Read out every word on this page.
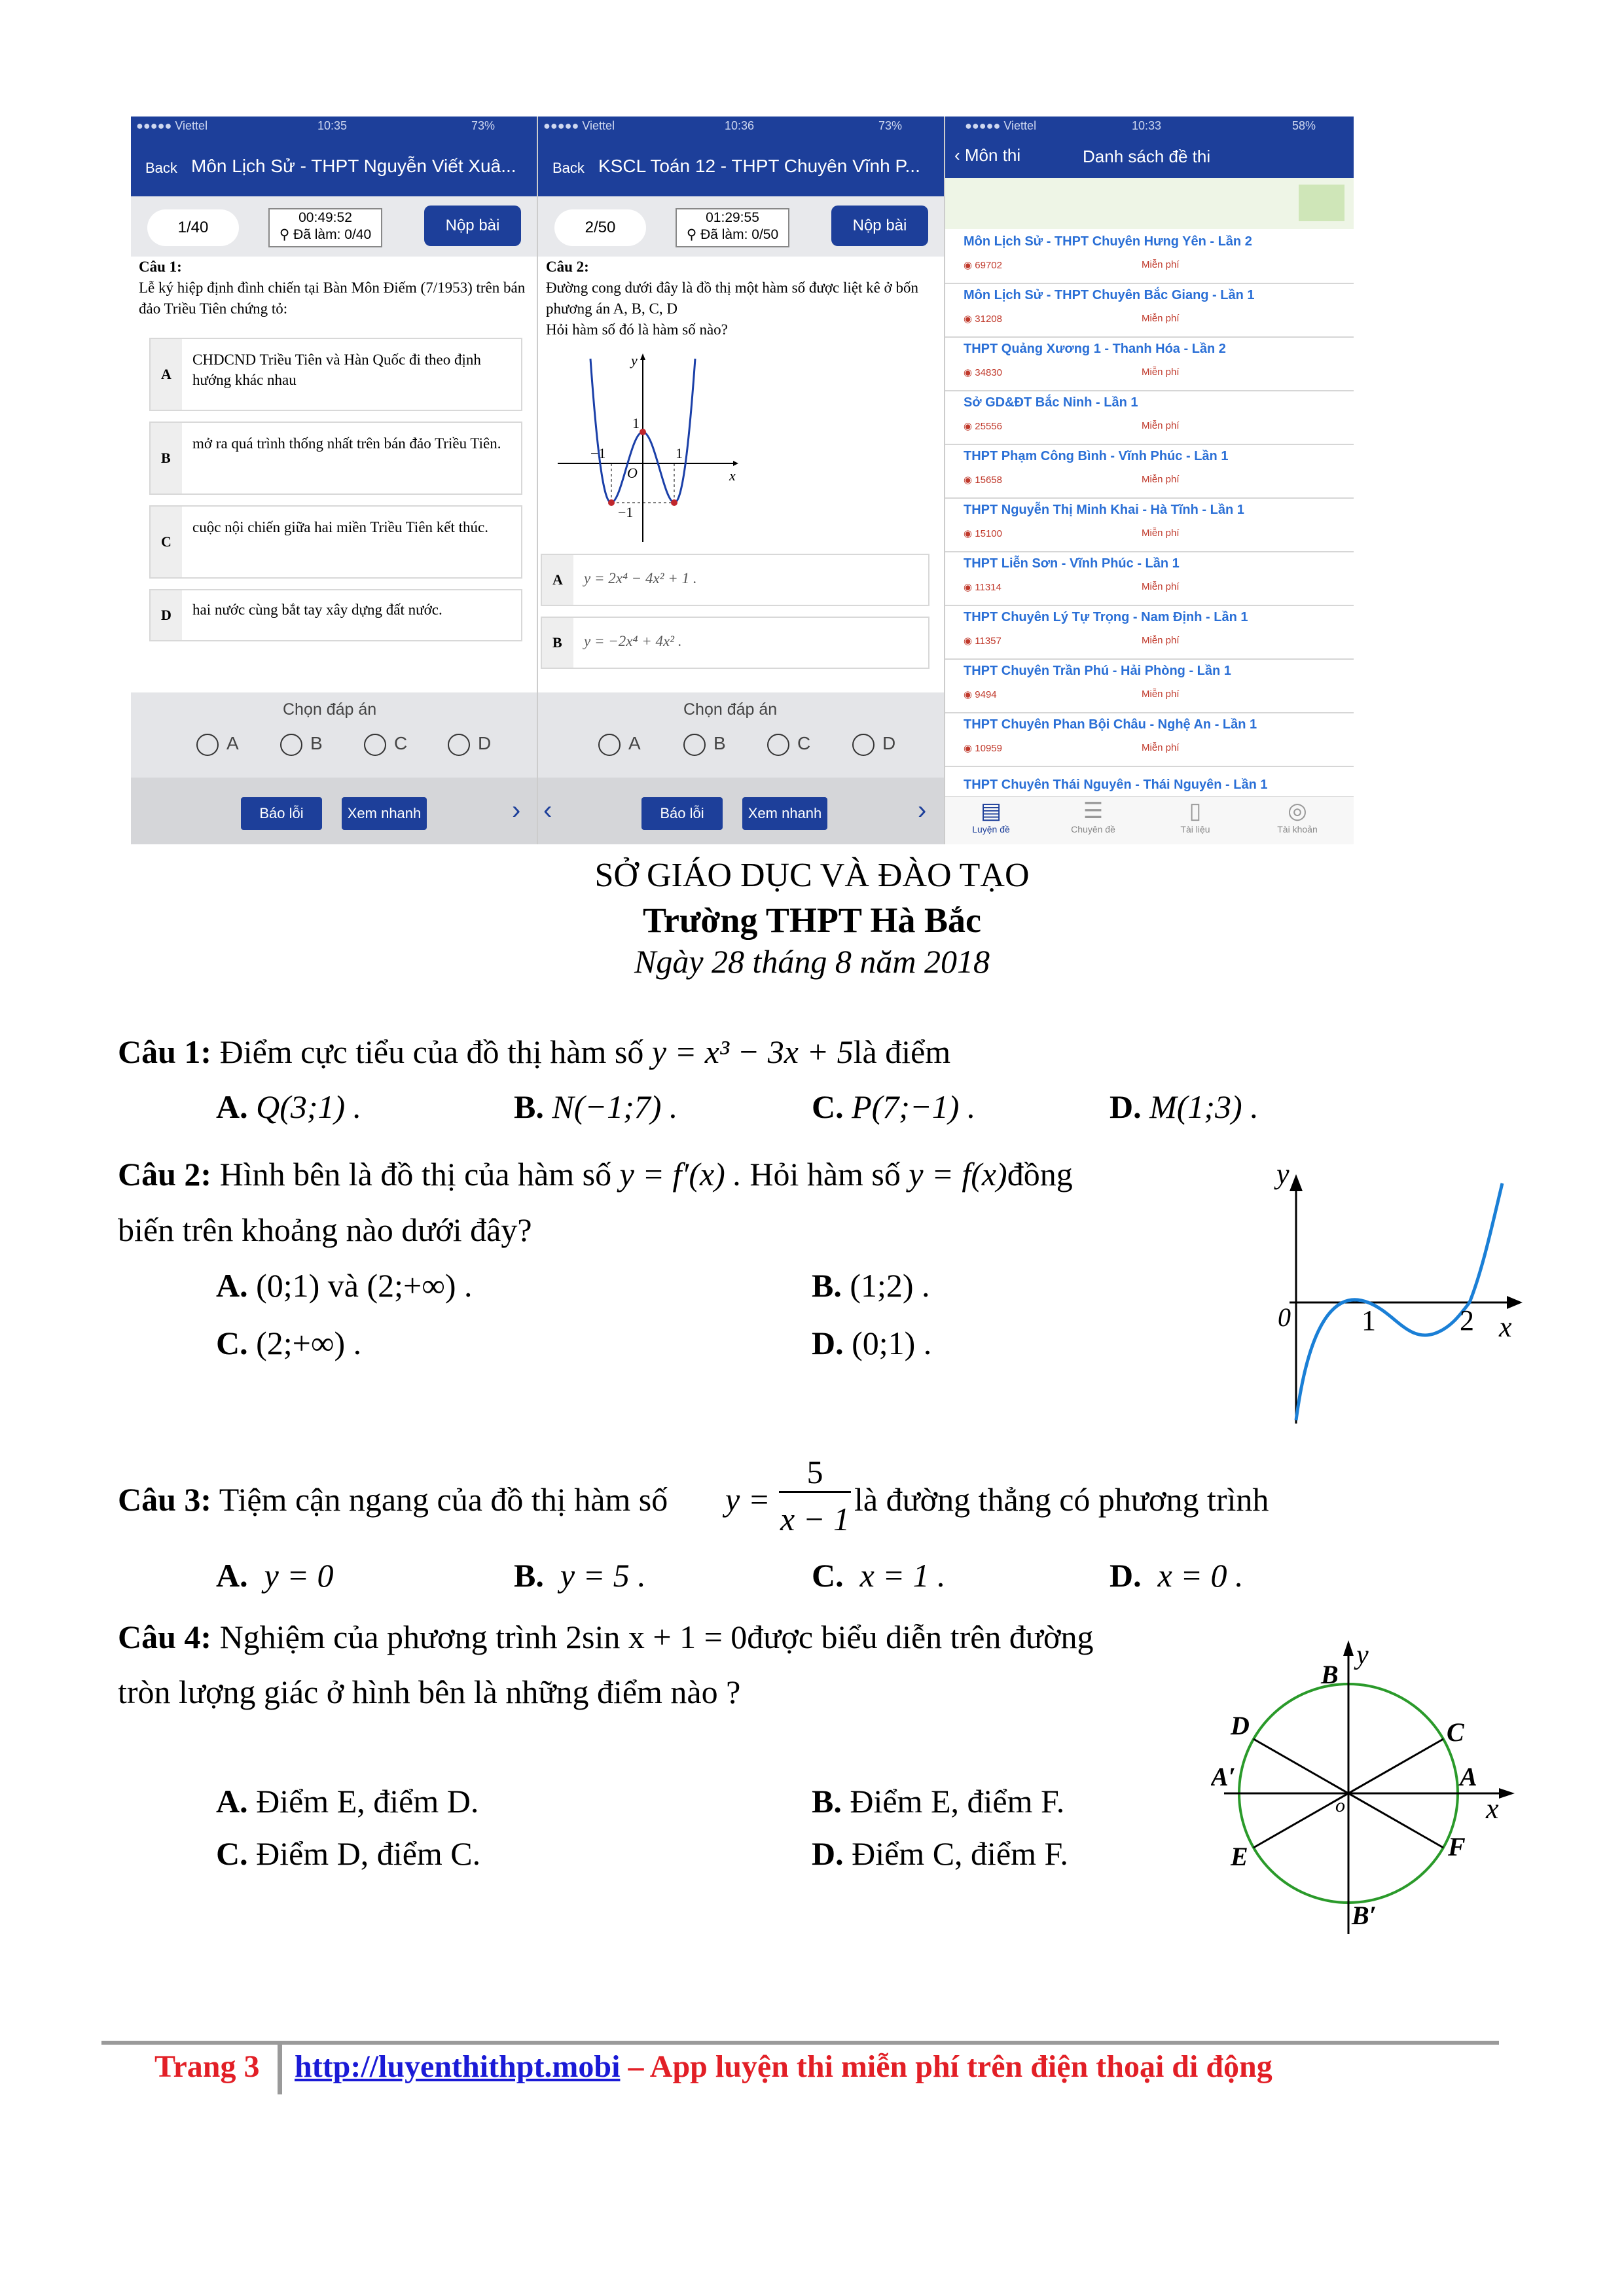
●●●●● Viettel	10:35	73%
Back Môn Lịch Sử - THPT Nguyễn Viết Xuâ...
1/40
00:49:52
⚲ Đã làm: 0/40
Nộp bài
Câu 1:
Lễ ký hiệp định đình chiến tại Bàn Môn Điếm (7/1953) trên bán đảo Triều Tiên chứng tỏ:
A
CHDCND Triều Tiên và Hàn Quốc đi theo định hướng khác nhau
B
mở ra quá trình thống nhất trên bán đảo Triều Tiên.
C
cuộc nội chiến giữa hai miền Triều Tiên kết thúc.
D hai nước cùng bắt tay xây dựng đất nước.
Chọn đáp án
A	B	C	D
Báo lỗi	Xem nhanh	›
●●●●● Viettel	10:36	73%
Back KSCL Toán 12 - THPT Chuyên Vĩnh P...
2/50
01:29:55
⚲ Đã làm: 0/50
Nộp bài
Câu 2:
Đường cong dưới đây là đồ thị một hàm số được liệt kê ở bốn phương án A, B, C, D
Hỏi hàm số đó là hàm số nào?
y
x
1
−1
O
−1	1
A y = 2x⁴ − 4x² + 1 .
B y = −2x⁴ + 4x² .
Chọn đáp án
A	B	C	D
‹	Báo lỗi	Xem nhanh	›
●●●●● Viettel	10:33	58%
‹ Môn thi	Danh sách đề thi
Môn Lịch Sử - THPT Chuyên Hưng Yên - Lần 2
◉ 69702	Miễn phí
Môn Lịch Sử - THPT Chuyên Bắc Giang - Lần 1
◉ 31208	Miễn phí
THPT Quảng Xương 1 - Thanh Hóa - Lần 2
◉ 34830	Miễn phí
Sở GD&ĐT Bắc Ninh - Lần 1
◉ 25556	Miễn phí
THPT Phạm Công Bình - Vĩnh Phúc - Lần 1
◉ 15658	Miễn phí
THPT Nguyễn Thị Minh Khai - Hà Tĩnh - Lần 1
◉ 15100	Miễn phí
THPT Liễn Sơn - Vĩnh Phúc - Lần 1
◉ 11314	Miễn phí
THPT Chuyên Lý Tự Trọng - Nam Định - Lần 1
◉ 11357	Miễn phí
THPT Chuyên Trần Phú - Hải Phòng - Lần 1
◉ 9494	Miễn phí
THPT Chuyên Phan Bội Châu - Nghệ An - Lần 1
◉ 10959	Miễn phí
THPT Chuyên Thái Nguyên - Thái Nguyên - Lần 1
▤
Luyện đề
☰
Chuyên đề
▯
Tài liệu
◎
Tài khoản
SỞ GIÁO DỤC VÀ ĐÀO TẠO
Trường THPT Hà Bắc
Ngày 28 tháng 8 năm 2018
Câu 1: Điểm cực tiểu của đồ thị hàm số y = x³ − 3x + 5là điểm
A. Q(3;1) .	B. N(−1;7) .	C. P(7;−1) .	D. M(1;3) .
Câu 2: Hình bên là đồ thị của hàm số y = f′(x) . Hỏi hàm số y = f(x)đồng
biến trên khoảng nào dưới đây?
A. (0;1) và (2;+∞) .	B. (1;2) .
C. (2;+∞) .	D. (0;1) .
y
x
0 1	2
Câu 3: Tiệm cận ngang của đồ thị hàm số y =
5
x − 1
là đường thẳng có phương trình
A. y = 0	B. y = 5 .	C. x = 1 .	D. x = 0 .
Câu 4: Nghiệm của phương trình 2sin x + 1 = 0được biểu diễn trên đường
tròn lượng giác ở hình bên là những điểm nào ?
A. Điểm E, điểm D.	B. Điểm E, điểm F.
C. Điểm D, điểm C.	D. Điểm C, điểm F.
B
y
B′
A
A′
C
D
E	F
o	x
Trang 3 http://luyenthithpt.mobi – App luyện thi miễn phí trên điện thoại di động
